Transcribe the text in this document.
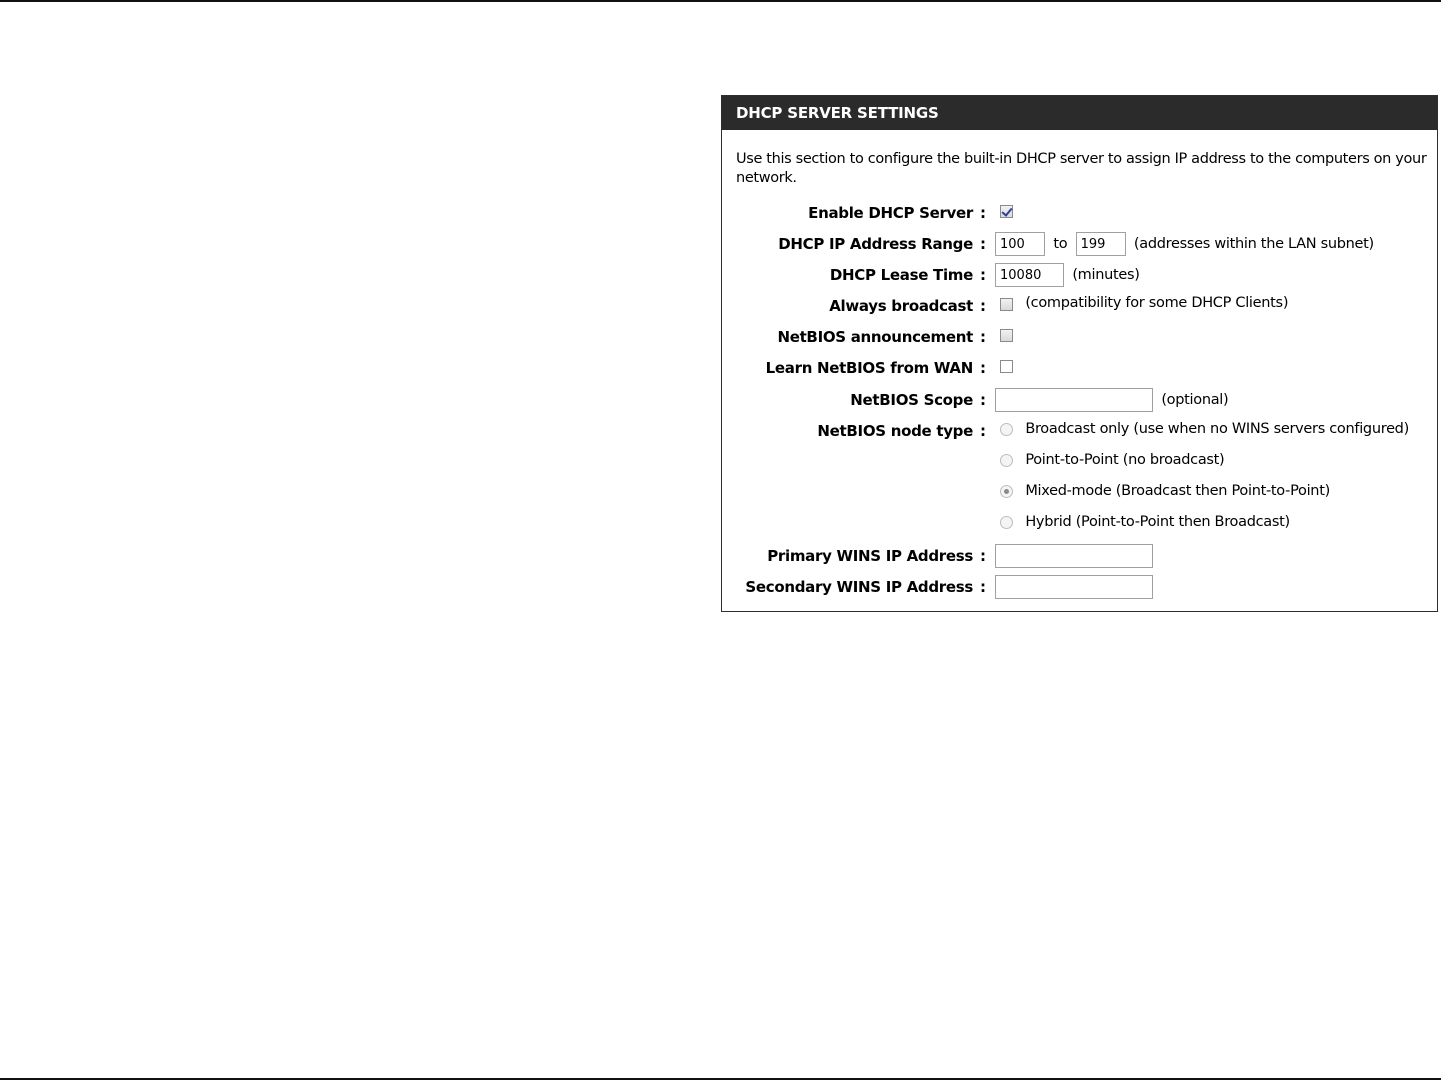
DHCP SERVER SETTINGS
Use this section to configure the built-in DHCP server to assign IP address to the computers on your network.
Enable DHCP Server :
DHCP IP Address Range :
100	to 199	(addresses within the LAN subnet)
DHCP Lease Time :
10080	(minutes)
Always broadcast :	(compatibility for some DHCP Clients)
NetBIOS announcement :
Learn NetBIOS from WAN :
NetBIOS Scope :	(optional)
NetBIOS node type :	Broadcast only (use when no WINS servers configured)
Point-to-Point (no broadcast)
Mixed-mode (Broadcast then Point-to-Point)
Hybrid (Point-to-Point then Broadcast)
Primary WINS IP Address :
Secondary WINS IP Address :
